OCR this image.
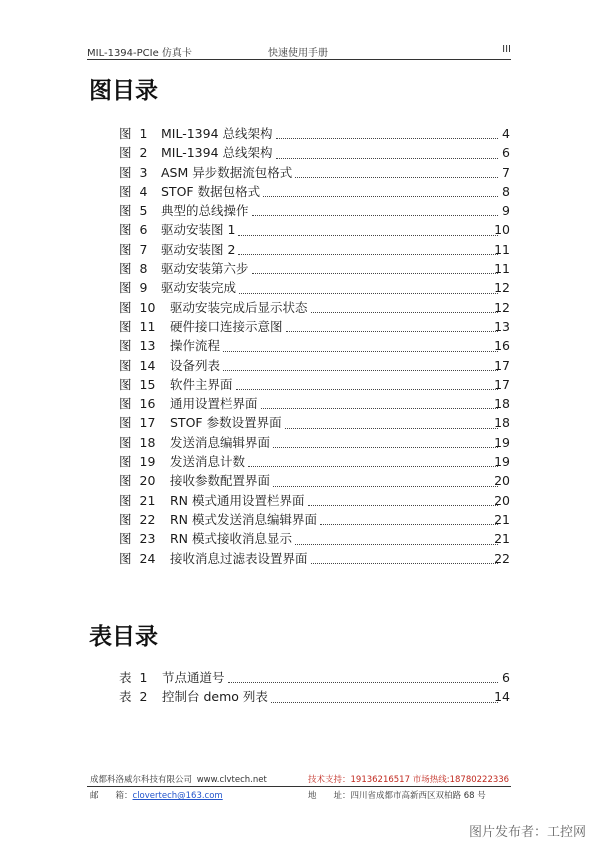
MIL-1394-PCIe 仿真卡	快速使用手册	III
图目录
图 1 MIL-1394 总线架构	4
图 2 MIL-1394 总线架构	6
图 3 ASM 异步数据流包格式	7
图 4 STOF 数据包格式	8
图 5 典型的总线操作	9
图 6 驱动安装图 1	10
图 7 驱动安装图 2	11
图 8 驱动安装第六步	11
图 9 驱动安装完成	12
图 10 驱动安装完成后显示状态	12
图 11 硬件接口连接示意图	13
图 13 操作流程	16
图 14 设备列表	17
图 15 软件主界面	17
图 16 通用设置栏界面	18
图 17 STOF 参数设置界面	18
图 18 发送消息编辑界面	19
图 19 发送消息计数	19
图 20 接收参数配置界面	20
图 21 RN 模式通用设置栏界面	20
图 22 RN 模式发送消息编辑界面	21
图 23 RN 模式接收消息显示	21
图 24 接收消息过滤表设置界面	22
表目录
表 1 节点通道号	6
表 2 控制台 demo 列表	14
成都科洛威尔科技有限公司 www.clvtech.net	技术支持：19136216517 市场热线:18780222336
邮　　箱：clovertech@163.com	地　　址：四川省成都市高新西区双柏路 68 号
图片发布者：工控网
